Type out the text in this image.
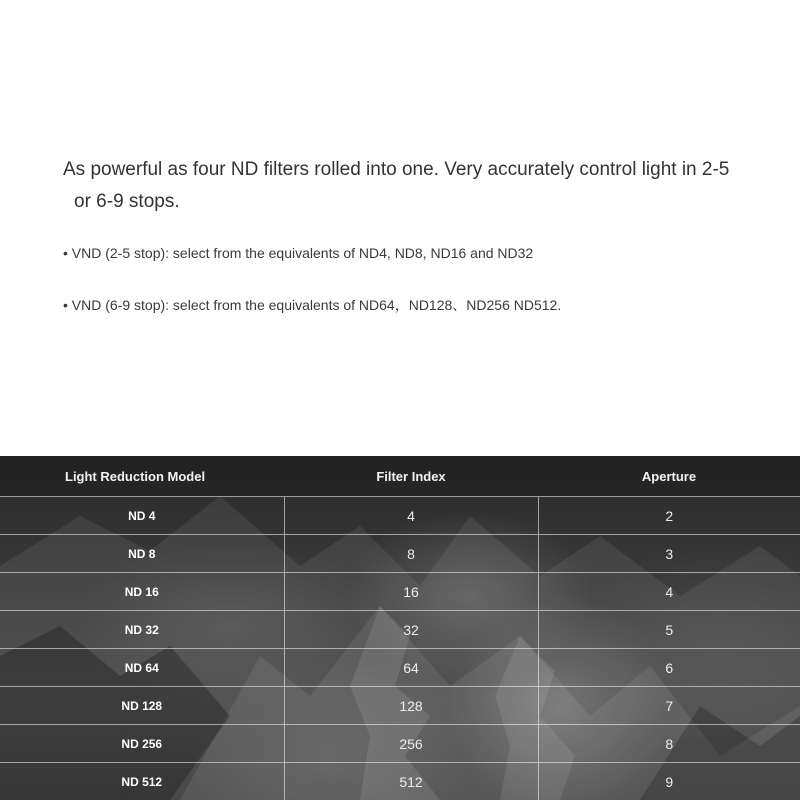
As powerful as four ND filters rolled into one. Very accurately control light in 2-5
or 6-9 stops.
• VND (2-5 stop): select from the equivalents of ND4, ND8, ND16 and ND32
• VND (6-9 stop): select from the equivalents of ND64，ND128、ND256 ND512.
Light Reduction Model	Filter Index	Aperture
ND 4	4	2
ND 8	8	3
ND 16	16	4
ND 32	32	5
ND 64	64	6
ND 128	128	7
ND 256	256	8
ND 512	512	9
